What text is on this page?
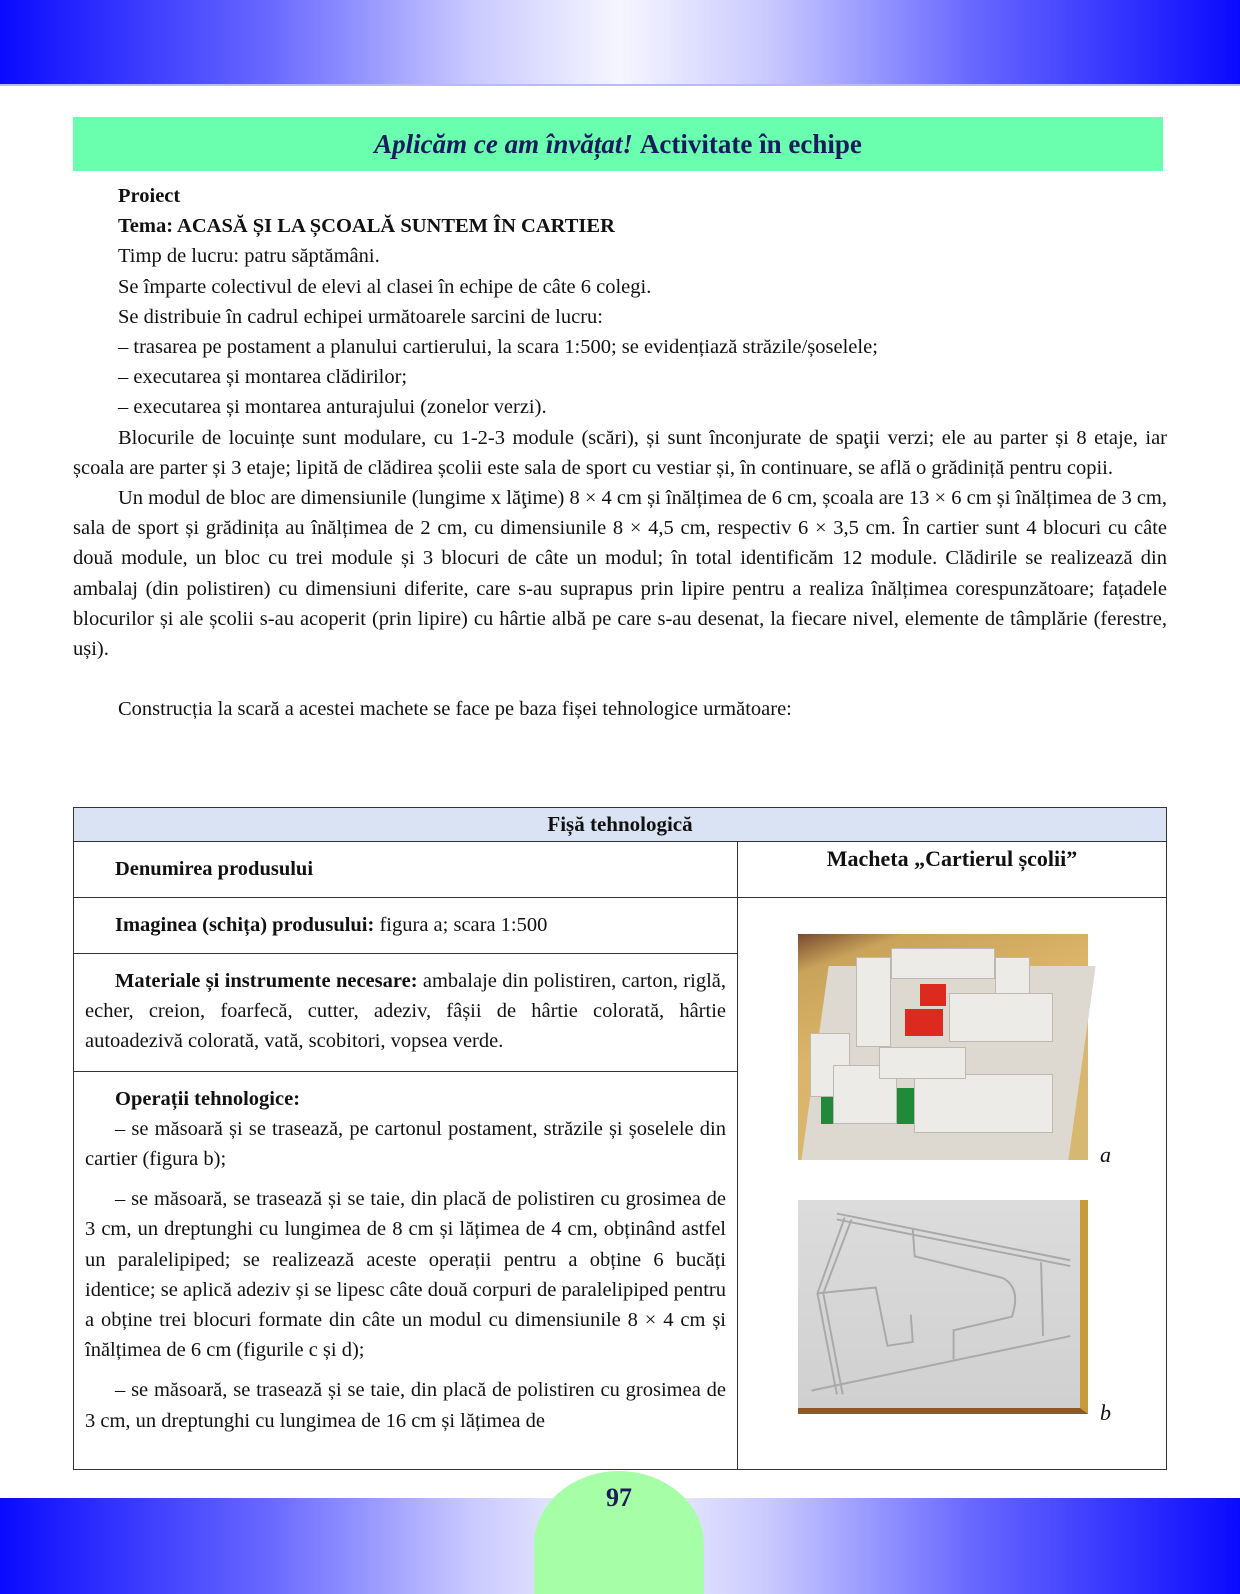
Aplicăm ce am învățat! Activitate în echipe
Proiect
Tema: ACASĂ ȘI LA ȘCOALĂ SUNTEM ÎN CARTIER
Timp de lucru: patru săptămâni.
Se împarte colectivul de elevi al clasei în echipe de câte 6 colegi.
Se distribuie în cadrul echipei următoarele sarcini de lucru:
– trasarea pe postament a planului cartierului, la scara 1:500; se evidențiază străzile/șoselele;
– executarea și montarea clădirilor;
– executarea și montarea anturajului (zonelor verzi).

Blocurile de locuințe sunt modulare, cu 1-2-3 module (scări), și sunt înconjurate de spaţii verzi; ele au parter și 8 etaje, iar școala are parter și 3 etaje; lipită de clădirea școlii este sala de sport cu vestiar și, în continuare, se află o grădiniță pentru copii.

Un modul de bloc are dimensiunile (lungime x lăţime) 8 × 4 cm și înălțimea de 6 cm, școala are 13 × 6 cm și înălțimea de 3 cm, sala de sport și grădinița au înălțimea de 2 cm, cu dimensiunile 8 × 4,5 cm, respectiv 6 × 3,5 cm. În cartier sunt 4 blocuri cu câte două module, un bloc cu trei module și 3 blocuri de câte un modul; în total identificăm 12 module. Clădirile se realizează din ambalaj (din polistiren) cu dimensiuni diferite, care s-au suprapus prin lipire pentru a realiza înălțimea corespunzătoare; fațadele blocurilor și ale școlii s-au acoperit (prin lipire) cu hârtie albă pe care s-au desenat, la fiecare nivel, elemente de tâmplărie (ferestre, uși).

Construcția la scară a acestei machete se face pe baza fișei tehnologice următoare:

Fișă tehnologică	

Denumirea produsului	Macheta „Cartierul școlii”

Imaginea (schița) produsului: figura a; scara 1:500	a
b

Materiale și instrumente necesare: ambalaje din polistiren, carton, riglă, echer, creion, foarfecă, cutter, adeziv, fâșii de hârtie colorată, hârtie autoadezivă colorată, vată, scobitori, vopsea verde.	

Operații tehnologice:
– se măsoară și se trasează, pe cartonul postament, străzile și șoselele din cartier (figura b);
– se măsoară, se trasează și se taie, din placă de polistiren cu grosimea de 3 cm, un dreptunghi cu lungimea de 8 cm și lățimea de 4 cm, obținând astfel un paralelipiped; se realizează aceste operații pentru a obține 6 bucăți identice; se aplică adeziv și se lipesc câte două corpuri de paralelipiped pentru a obține trei blocuri formate din câte un modul cu dimensiunile 8 × 4 cm și înălțimea de 6 cm (figurile c și d);
– se măsoară, se trasează și se taie, din placă de polistiren cu grosimea de 3 cm, un dreptunghi cu lungimea de 16 cm și lățimea de	
97
